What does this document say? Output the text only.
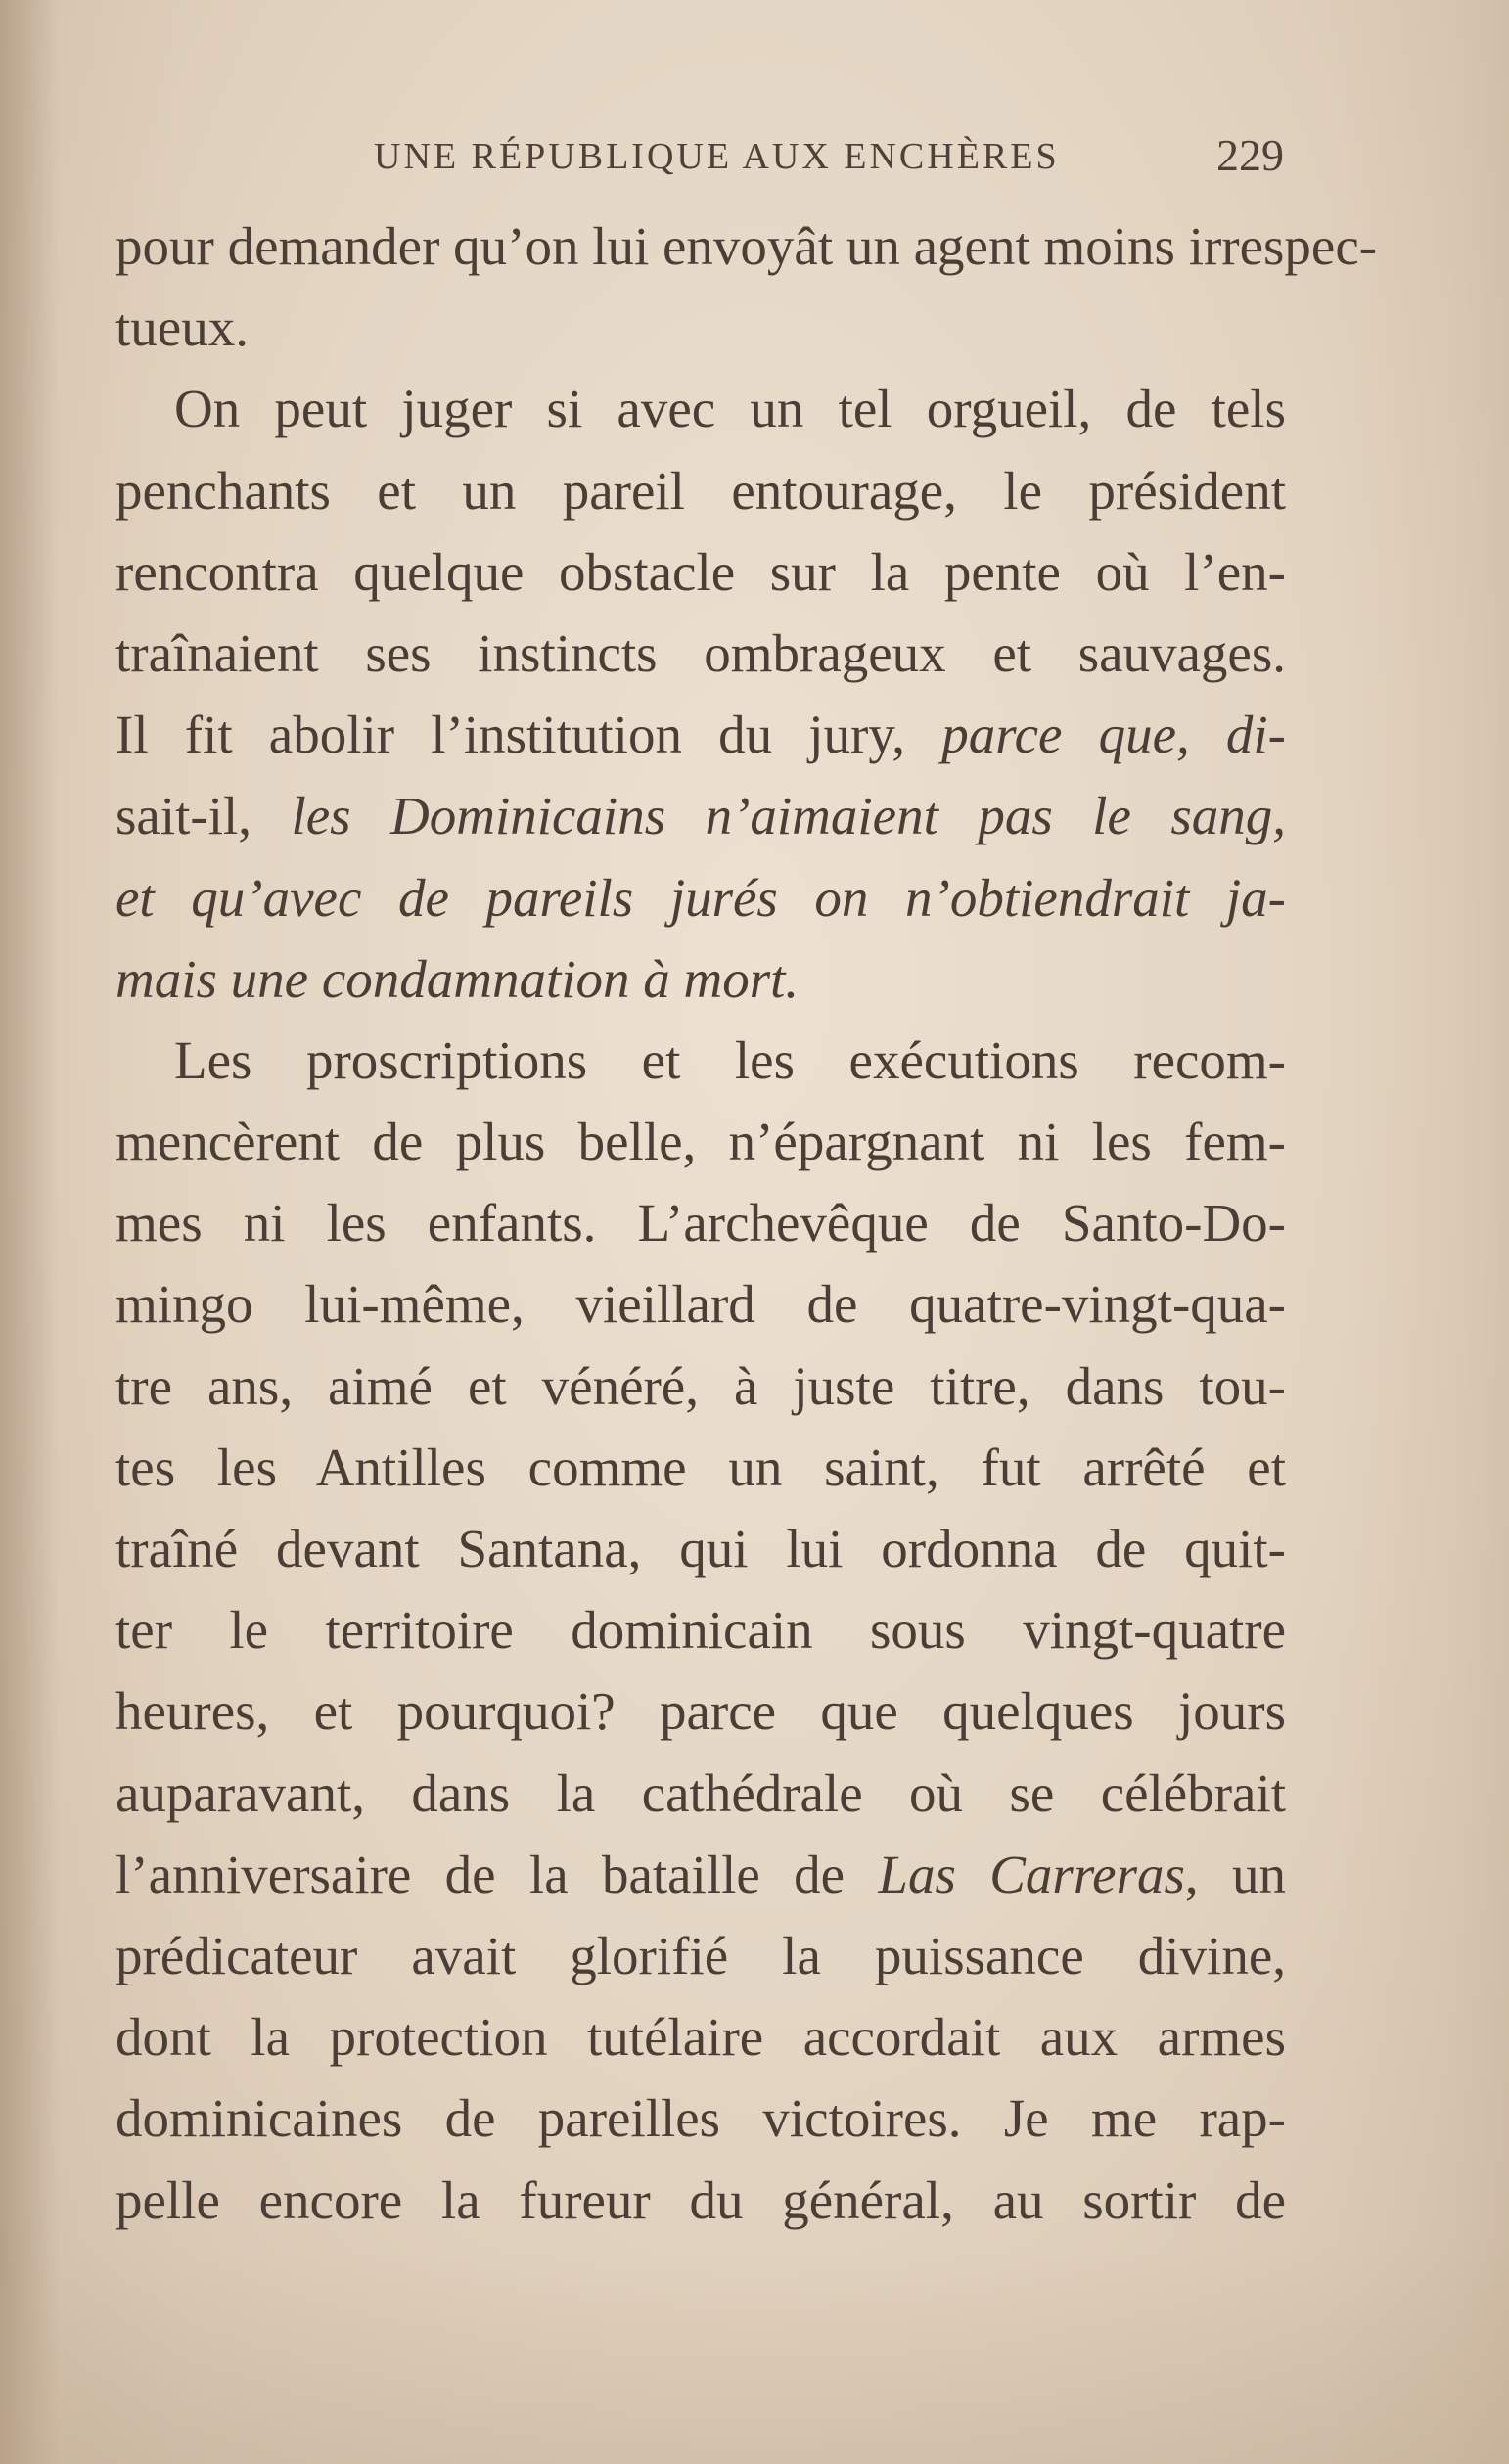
UNE RÉPUBLIQUE AUX ENCHÈRES	229
pour demander qu’on lui envoyât un agent moins irrespec-
tueux.
On peut juger si avec un tel orgueil, de tels
penchants et un pareil entourage, le président
rencontra quelque obstacle sur la pente où l’en-
traînaient ses instincts ombrageux et sauvages.
Il fit abolir l’institution du jury, parce que, di-
sait-il, les Dominicains n’aimaient pas le sang,
et qu’avec de pareils jurés on n’obtiendrait ja-
mais une condamnation à mort.
Les proscriptions et les exécutions recom-
mencèrent de plus belle, n’épargnant ni les fem-
mes ni les enfants. L’archevêque de Santo-Do-
mingo lui-même, vieillard de quatre-vingt-qua-
tre ans, aimé et vénéré, à juste titre, dans tou-
tes les Antilles comme un saint, fut arrêté et
traîné devant Santana, qui lui ordonna de quit-
ter le territoire dominicain sous vingt-quatre
heures, et pourquoi? parce que quelques jours
auparavant, dans la cathédrale où se célébrait
l’anniversaire de la bataille de Las Carreras, un
prédicateur avait glorifié la puissance divine,
dont la protection tutélaire accordait aux armes
dominicaines de pareilles victoires. Je me rap-
pelle encore la fureur du général, au sortir de
